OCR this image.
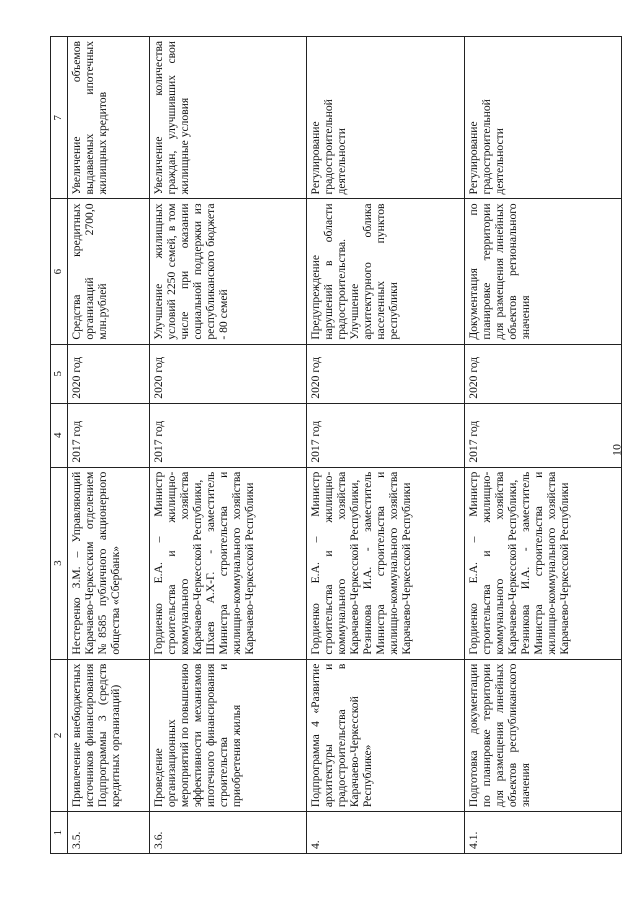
10
1	2	3	4	5	6	7
3.5.	Привлечение внебюджетных источников финансирования Подпрограммы 3 (средств кредитных организаций)	Нестеренко З.М. – Управляющий Карачаево-Черкесским отделением №8585 публичного акционерного общества «Сбербанк»	2017 год	2020 год	Средства кредитных организаций 2700,0 млн.рублей	Увеличение объемов выдаваемых ипотечных жилищных кредитов
3.6.	Проведение организационных мероприятий по повышению эффективности механизмов ипотечного финансирования строительства и приобретения жилья	Гордиенко Е.А. – Министр строительства и жилищно-коммунального хозяйства Карачаево-Черкесской Республики, Шхаев А.Х-Г. - заместитель Министра строительства и жилищно-коммунального хозяйства Карачаево-Черкесской Республики	2017 год	2020 год	Улучшение жилищных условий 2250 семей, в том числе при оказании социальной поддержки из республиканского бюджета - 80 семей	Увеличение количества граждан, улучшивших свои жилищные условия
4.	Подпрограмма 4 «Развитие архитектуры и градостроительства в Карачаево-Черкесской Республике»	Гордиенко Е.А. – Министр строительства и жилищно-коммунального хозяйства Карачаево-Черкесской Республики, Резникова И.А. - заместитель Министра строительства и жилищно-коммунального хозяйства Карачаево-Черкесской Республики	2017 год	2020 год	Предупреждение нарушений в области градостроительства. Улучшение архитектурного облика населенных пунктов республики	Регулирование градостроительной деятельности
4.1.	Подготовка документации по планировке территории для размещения линейных объектов республиканского значения	Гордиенко Е.А. – Министр строительства и жилищно-коммунального хозяйства Карачаево-Черкесской Республики, Резникова И.А. - заместитель Министра строительства и жилищно-коммунального хозяйства Карачаево-Черкесской Республики	2017 год	2020 год	Документация по планировке территории для размещения линейных объектов регионального значения	Регулирование градостроительной деятельности
